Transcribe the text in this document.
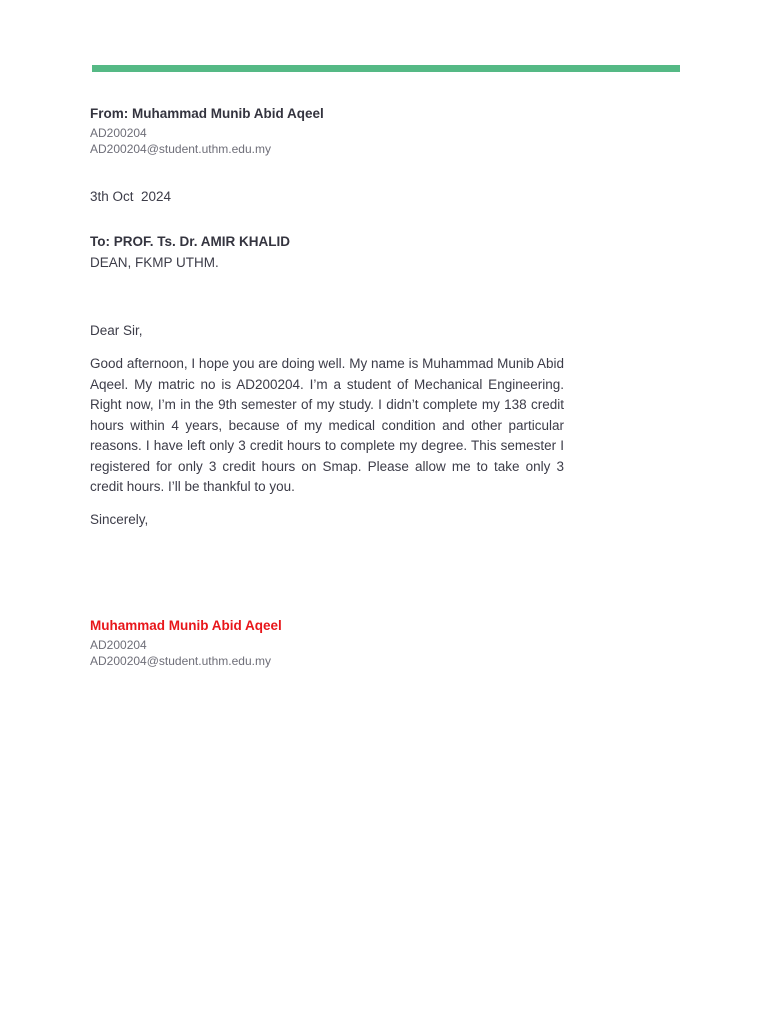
From: Muhammad Munib Abid Aqeel
AD200204
AD200204@student.uthm.edu.my
3th Oct  2024
To: PROF. Ts. Dr. AMIR KHALID
DEAN, FKMP UTHM.
Dear Sir,
Good afternoon, I hope you are doing well. My name is Muhammad Munib Abid Aqeel. My matric no is AD200204. I’m a student of Mechanical Engineering. Right now, I’m in the 9th semester of my study. I didn’t complete my 138 credit hours within 4 years, because of my medical condition and other particular reasons. I have left only 3 credit hours to complete my degree. This semester I registered for only 3 credit hours on Smap. Please allow me to take only 3 credit hours. I’ll be thankful to you.
Sincerely,
Muhammad Munib Abid Aqeel
AD200204
AD200204@student.uthm.edu.my
